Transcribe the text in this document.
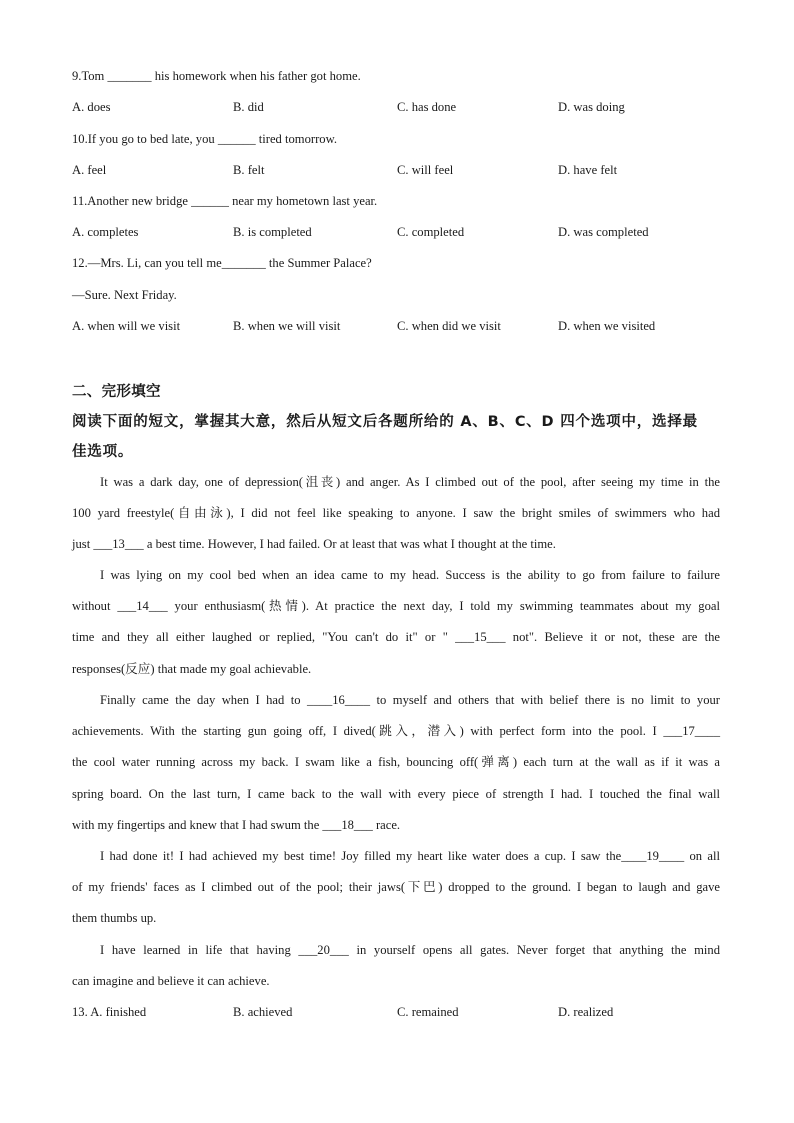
9.Tom _______ his homework when his father got home.
A. does	B. did	C. has done	D. was doing
10.If you go to bed late, you ______ tired tomorrow.
A. feel	B. felt	C. will feel	D. have felt
11.Another new bridge ______ near my hometown last year.
A. completes	B. is completed	C. completed	D. was completed
12.—Mrs. Li, can you tell me_______ the Summer Palace?
—Sure. Next Friday.
A. when will we visit	B. when we will visit	C. when did we visit	D. when we visited
二、完形填空
阅读下面的短文，掌握其大意，然后从短文后各题所给的 A、B、C、D 四个选项中，选择最
佳选项。
It was a dark day, one of depression(沮丧) and anger. As I climbed out of the pool, after seeing my time in the
100 yard freestyle(自由泳), I did not feel like speaking to anyone. I saw the bright smiles of swimmers who had
just ___13___ a best time. However, I had failed. Or at least that was what I thought at the time.
I was lying on my cool bed when an idea came to my head. Success is the ability to go from failure to failure
without ___14___ your enthusiasm(热情). At practice the next day, I told my swimming teammates about my goal
time and they all either laughed or replied, "You can't do it" or " ___15___ not". Believe it or not, these are the
responses(反应) that made my goal achievable.
Finally came the day when I had to ____16____ to myself and others that with belief there is no limit to your
achievements. With the starting gun going off, I dived(跳入，潜入) with perfect form into the pool. I ___17____
the cool water running across my back. I swam like a fish, bouncing off(弹离) each turn at the wall as if it was a
spring board. On the last turn, I came back to the wall with every piece of strength I had. I touched the final wall
with my fingertips and knew that I had swum the ___18___ race.
I had done it! I had achieved my best time! Joy filled my heart like water does a cup. I saw the____19____ on all
of my friends' faces as I climbed out of the pool; their jaws(下巴) dropped to the ground. I began to laugh and gave
them thumbs up.
I have learned in life that having ___20___ in yourself opens all gates. Never forget that anything the mind
can imagine and believe it can achieve.
13. A. finished	B. achieved	C. remained	D. realized
